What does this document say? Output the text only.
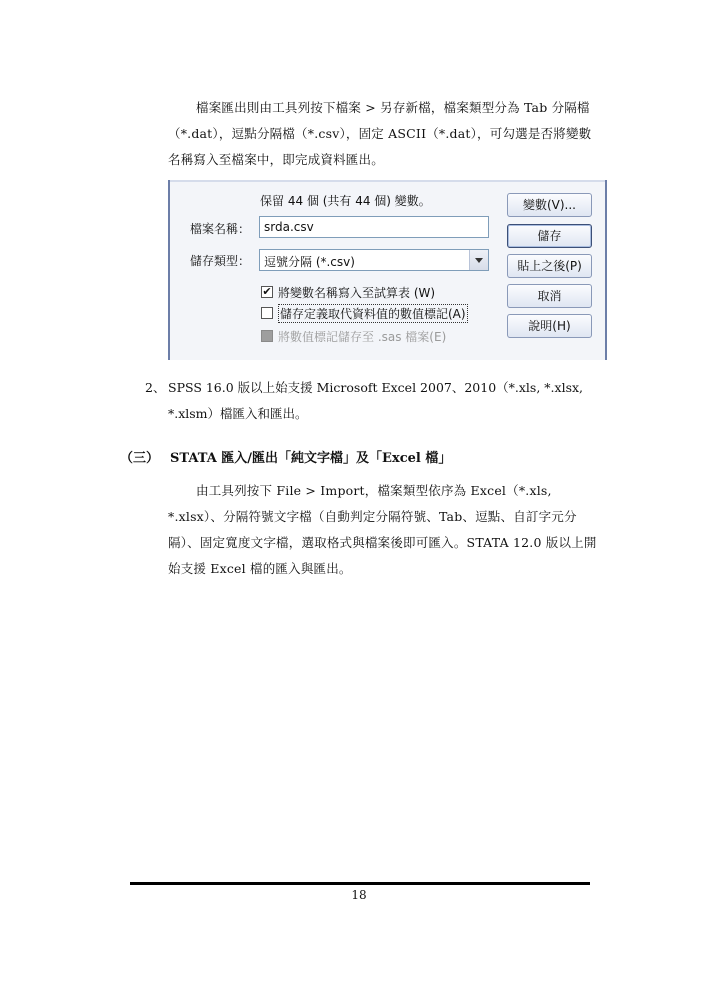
檔案匯出則由工具列按下檔案 > 另存新檔，檔案類型分為 Tab 分隔檔（*.dat），逗點分隔檔（*.csv），固定 ASCII（*.dat），可勾選是否將變數名稱寫入至檔案中，即完成資料匯出。
保留 44 個 (共有 44 個) 變數。
檔案名稱：	srda.csv
儲存類型：	逗號分隔 (*.csv)
✔ 將變數名稱寫入至試算表 (W)
儲存定義取代資料值的數值標記(A)
將數值標記儲存至 .sas 檔案(E)
變數(V)...
儲存
貼上之後(P)
取消
說明(H)
2、 SPSS 16.0 版以上始支援 Microsoft Excel 2007、2010（*.xls, *.xlsx, *.xlsm）檔匯入和匯出。
（三） STATA 匯入/匯出「純文字檔」及「Excel 檔」
由工具列按下 File > Import，檔案類型依序為 Excel（*.xls, *.xlsx）、分隔符號文字檔（自動判定分隔符號、Tab、逗點、自訂字元分隔）、固定寬度文字檔，選取格式與檔案後即可匯入。STATA 12.0 版以上開始支援 Excel 檔的匯入與匯出。
18
